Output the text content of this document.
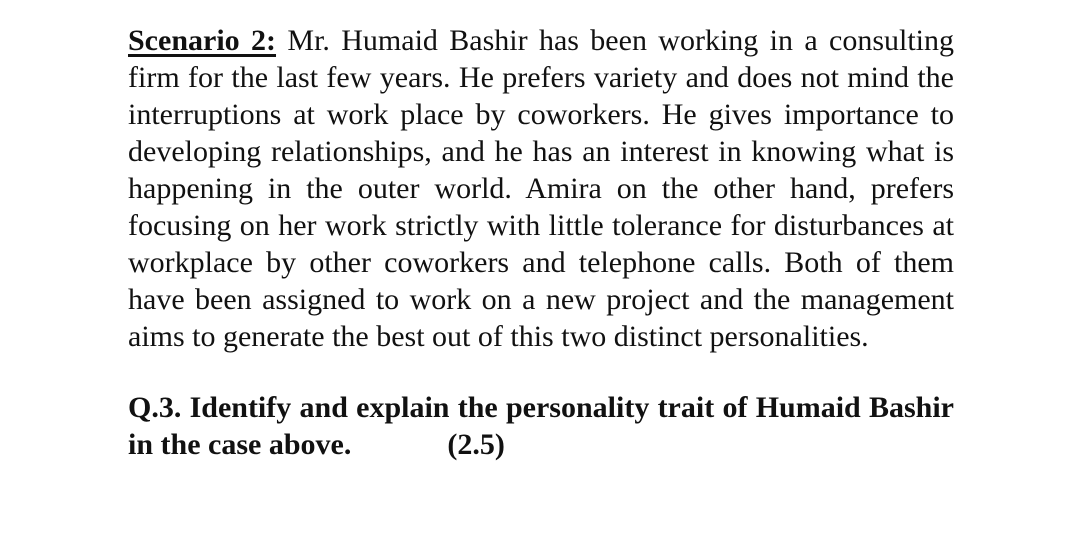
Scenario 2: Mr. Humaid Bashir has been working in a consulting firm for the last few years. He prefers variety and does not mind the interruptions at work place by coworkers. He gives importance to developing relationships, and he has an interest in knowing what is happening in the outer world. Amira on the other hand, prefers focusing on her work strictly with little tolerance for disturbances at workplace by other coworkers and telephone calls. Both of them have been assigned to work on a new project and the management aims to generate the best out of this two distinct personalities.

Q.3. Identify and explain the personality trait of Humaid Bashir in the case above.	(2.5)
